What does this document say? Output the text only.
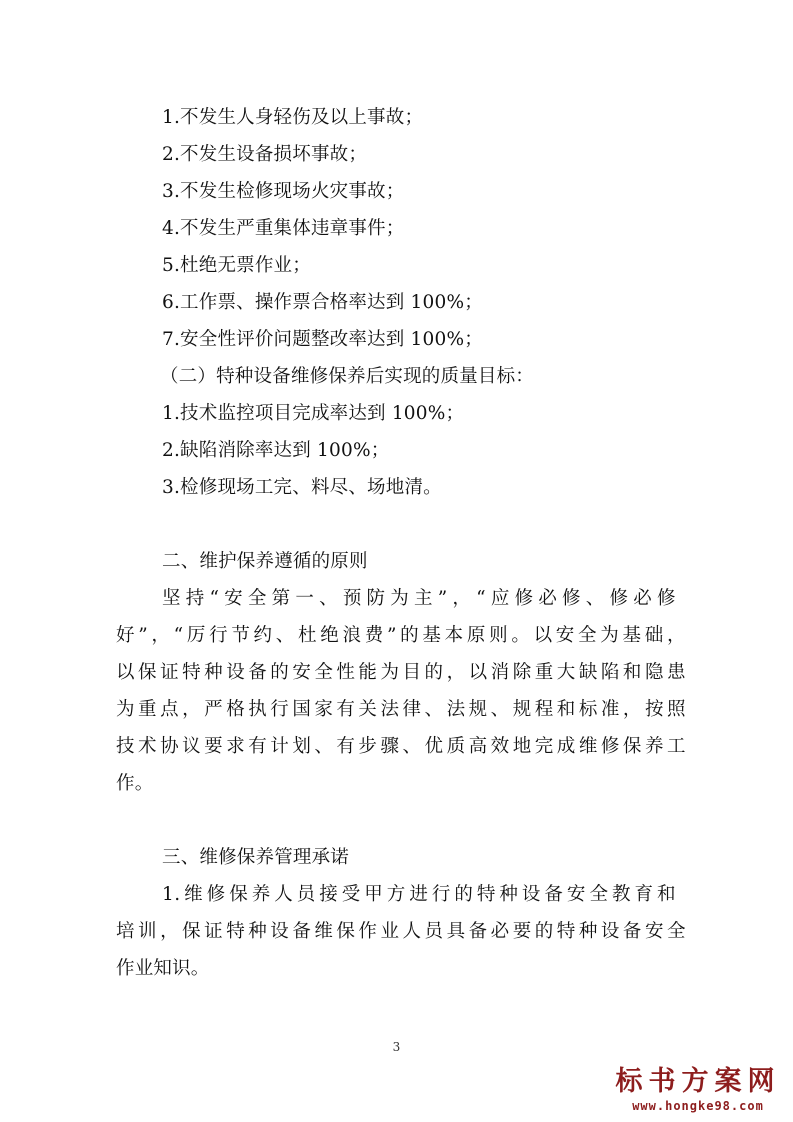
1.不发生人身轻伤及以上事故；
2.不发生设备损坏事故；
3.不发生检修现场火灾事故；
4.不发生严重集体违章事件；
5.杜绝无票作业；
6.工作票、操作票合格率达到 100%；
7.安全性评价问题整改率达到 100%；
（二）特种设备维修保养后实现的质量目标：
1.技术监控项目完成率达到 100%；
2.缺陷消除率达到 100%；
3.检修现场工完、料尽、场地清。
二、维护保养遵循的原则
坚持“安全第一、预防为主”，“应修必修、修必修
好”，“厉行节约、杜绝浪费”的基本原则。以安全为基础，
以保证特种设备的安全性能为目的，以消除重大缺陷和隐患
为重点，严格执行国家有关法律、法规、规程和标准，按照
技术协议要求有计划、有步骤、优质高效地完成维修保养工
作。
三、维修保养管理承诺
1.维修保养人员接受甲方进行的特种设备安全教育和
培训，保证特种设备维保作业人员具备必要的特种设备安全
作业知识。
3
标书方案网
www.hongke98.com
